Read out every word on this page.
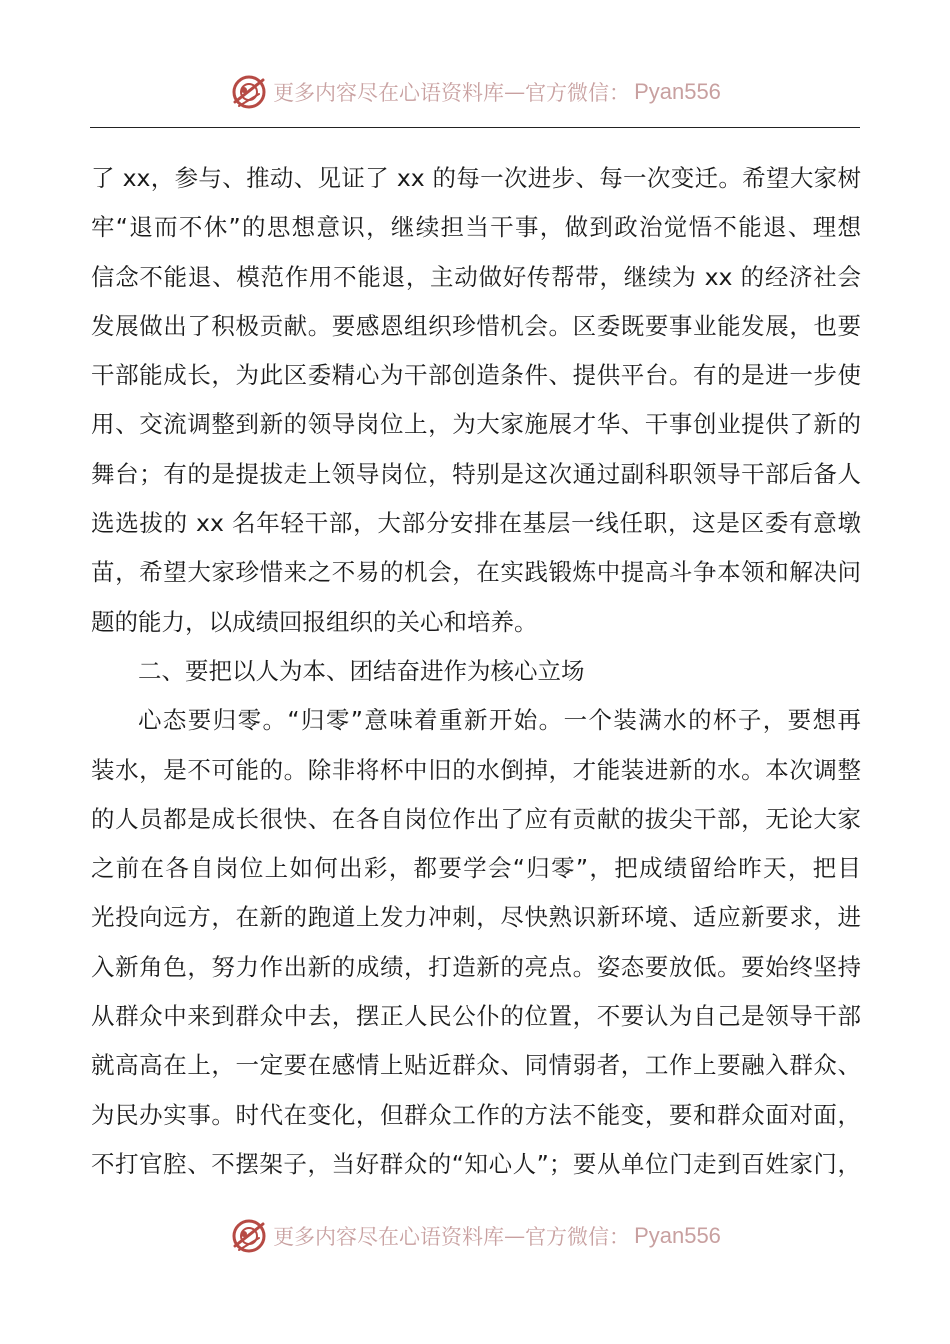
更多内容尽在心语资料库 — 官方微信： Pyan556
了 xx，参与、推动、见证了 xx 的每一次进步、每一次变迁。希望大家树
牢“退而不休”的思想意识，继续担当干事，做到政治觉悟不能退、理想
信念不能退、模范作用不能退，主动做好传帮带，继续为 xx 的经济社会
发展做出了积极贡献。要感恩组织珍惜机会。区委既要事业能发展，也要
干部能成长，为此区委精心为干部创造条件、提供平台。有的是进一步使
用、交流调整到新的领导岗位上，为大家施展才华、干事创业提供了新的
舞台；有的是提拔走上领导岗位，特别是这次通过副科职领导干部后备人
选选拔的 xx 名年轻干部，大部分安排在基层一线任职，这是区委有意墩
苗，希望大家珍惜来之不易的机会，在实践锻炼中提高斗争本领和解决问
题的能力，以成绩回报组织的关心和培养。
二、要把以人为本、团结奋进作为核心立场
心态要归零。“归零”意味着重新开始。一个装满水的杯子，要想再
装水，是不可能的。除非将杯中旧的水倒掉，才能装进新的水。本次调整
的人员都是成长很快、在各自岗位作出了应有贡献的拔尖干部，无论大家
之前在各自岗位上如何出彩，都要学会“归零”，把成绩留给昨天，把目
光投向远方，在新的跑道上发力冲刺，尽快熟识新环境、适应新要求，进
入新角色，努力作出新的成绩，打造新的亮点。姿态要放低。要始终坚持
从群众中来到群众中去，摆正人民公仆的位置，不要认为自己是领导干部
就高高在上，一定要在感情上贴近群众、同情弱者，工作上要融入群众、
为民办实事。时代在变化，但群众工作的方法不能变，要和群众面对面，
不打官腔、不摆架子，当好群众的“知心人”；要从单位门走到百姓家门，
更多内容尽在心语资料库 — 官方微信： Pyan556
